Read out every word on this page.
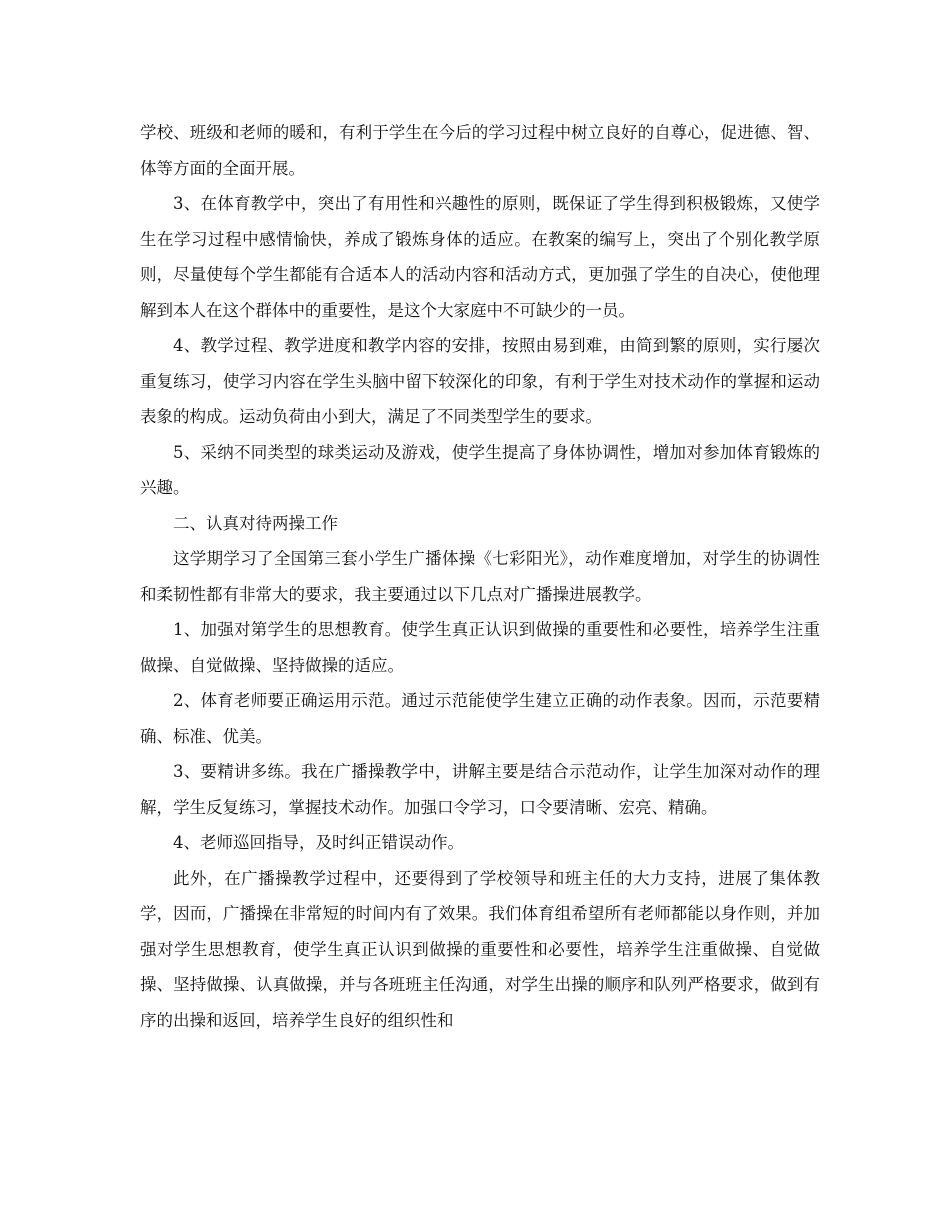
学校、班级和老师的暖和，有利于学生在今后的学习过程中树立良好的自尊心，促进德、智、体等方面的全面开展。

3、在体育教学中，突出了有用性和兴趣性的原则，既保证了学生得到积极锻炼，又使学生在学习过程中感情愉快，养成了锻炼身体的适应。在教案的编写上，突出了个别化教学原则，尽量使每个学生都能有合适本人的活动内容和活动方式，更加强了学生的自决心，使他理解到本人在这个群体中的重要性，是这个大家庭中不可缺少的一员。

4、教学过程、教学进度和教学内容的安排，按照由易到难，由简到繁的原则，实行屡次重复练习，使学习内容在学生头脑中留下较深化的印象，有利于学生对技术动作的掌握和运动表象的构成。运动负荷由小到大，满足了不同类型学生的要求。

5、采纳不同类型的球类运动及游戏，使学生提高了身体协调性，增加对参加体育锻炼的兴趣。

二、认真对待两操工作

这学期学习了全国第三套小学生广播体操《七彩阳光》，动作难度增加，对学生的协调性和柔韧性都有非常大的要求，我主要通过以下几点对广播操进展教学。

1、加强对第学生的思想教育。使学生真正认识到做操的重要性和必要性，培养学生注重做操、自觉做操、坚持做操的适应。

2、体育老师要正确运用示范。通过示范能使学生建立正确的动作表象。因而，示范要精确、标准、优美。

3、要精讲多练。我在广播操教学中，讲解主要是结合示范动作，让学生加深对动作的理解，学生反复练习，掌握技术动作。加强口令学习，口令要清晰、宏亮、精确。

4、老师巡回指导，及时纠正错误动作。

此外，在广播操教学过程中，还要得到了学校领导和班主任的大力支持，进展了集体教学，因而，广播操在非常短的时间内有了效果。我们体育组希望所有老师都能以身作则，并加强对学生思想教育，使学生真正认识到做操的重要性和必要性，培养学生注重做操、自觉做操、坚持做操、认真做操，并与各班班主任沟通，对学生出操的顺序和队列严格要求，做到有序的出操和返回，培养学生良好的组织性和
